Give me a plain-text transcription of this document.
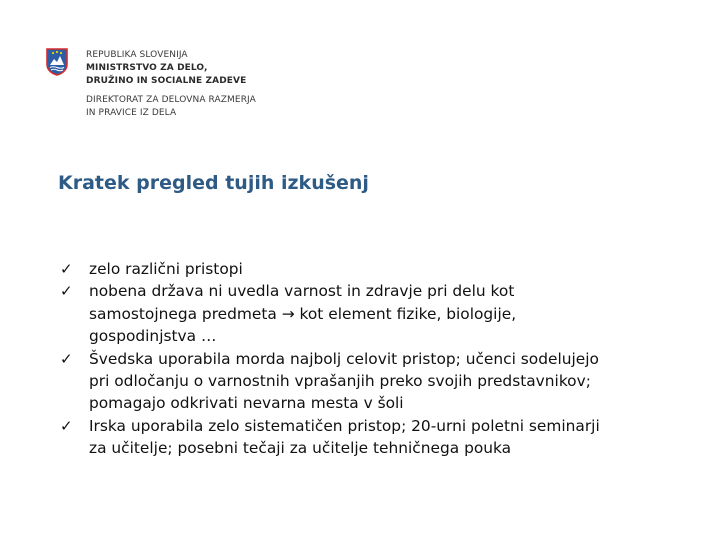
REPUBLIKA SLOVENIJA
MINISTRSTVO ZA DELO,
DRUŽINO IN SOCIALNE ZADEVE
DIREKTORAT ZA DELOVNA RAZMERJA
IN PRAVICE IZ DELA
Kratek pregled tujih izkušenj
✓ zelo različni pristopi
✓ nobena država ni uvedla varnost in zdravje pri delu kot
samostojnega predmeta → kot element fizike, biologije,
gospodinjstva …
✓ Švedska uporabila morda najbolj celovit pristop; učenci sodelujejo
pri odločanju o varnostnih vprašanjih preko svojih predstavnikov;
pomagajo odkrivati nevarna mesta v šoli
✓ Irska uporabila zelo sistematičen pristop; 20-urni poletni seminarji
za učitelje; posebni tečaji za učitelje tehničnega pouka
